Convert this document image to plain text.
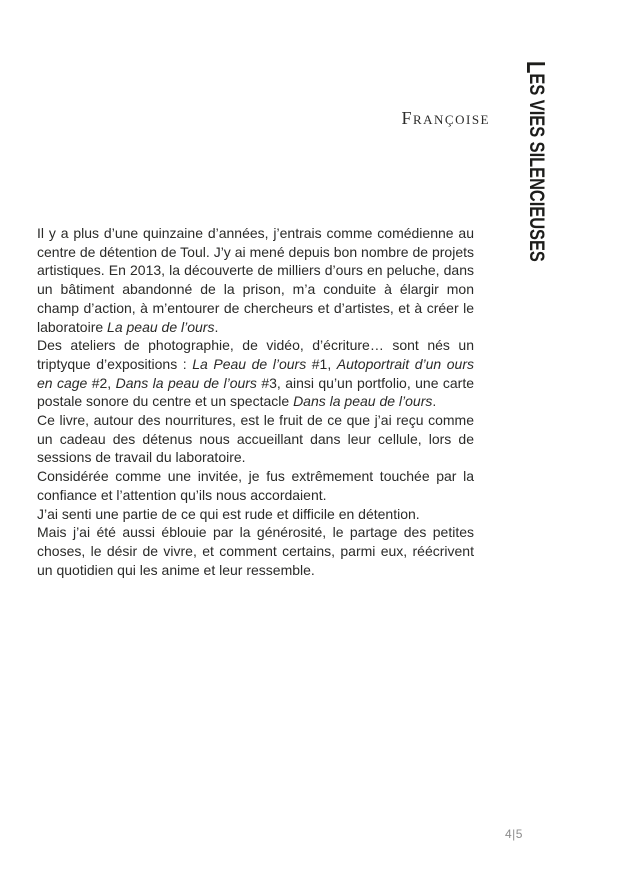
LES VIES SILENCIEUSES
Françoise

Il y a plus d’une quinzaine d’années, j’entrais comme comédienne au centre de détention de Toul. J’y ai mené depuis bon nombre de projets artistiques. En 2013, la découverte de milliers d’ours en peluche, dans un bâtiment abandonné de la prison, m’a conduite à élargir mon champ d’action, à m’entourer de chercheurs et d’artistes, et à créer le laboratoire La peau de l’ours.

Des ateliers de photographie, de vidéo, d’écriture… sont nés un triptyque d’expositions : La Peau de l’ours #1, Autoportrait d’un ours en cage #2, Dans la peau de l’ours #3, ainsi qu’un portfolio, une carte postale sonore du centre et un spectacle Dans la peau de l’ours.

Ce livre, autour des nourritures, est le fruit de ce que j’ai reçu comme un cadeau des détenus nous accueillant dans leur cellule, lors de sessions de travail du laboratoire.

Considérée comme une invitée, je fus extrêmement touchée par la confiance et l’attention qu’ils nous accordaient.

J’ai senti une partie de ce qui est rude et difficile en détention.

Mais j’ai été aussi éblouie par la générosité, le partage des petites choses, le désir de vivre, et comment certains, parmi eux, réécrivent un quotidien qui les anime et leur ressemble.

4|5
